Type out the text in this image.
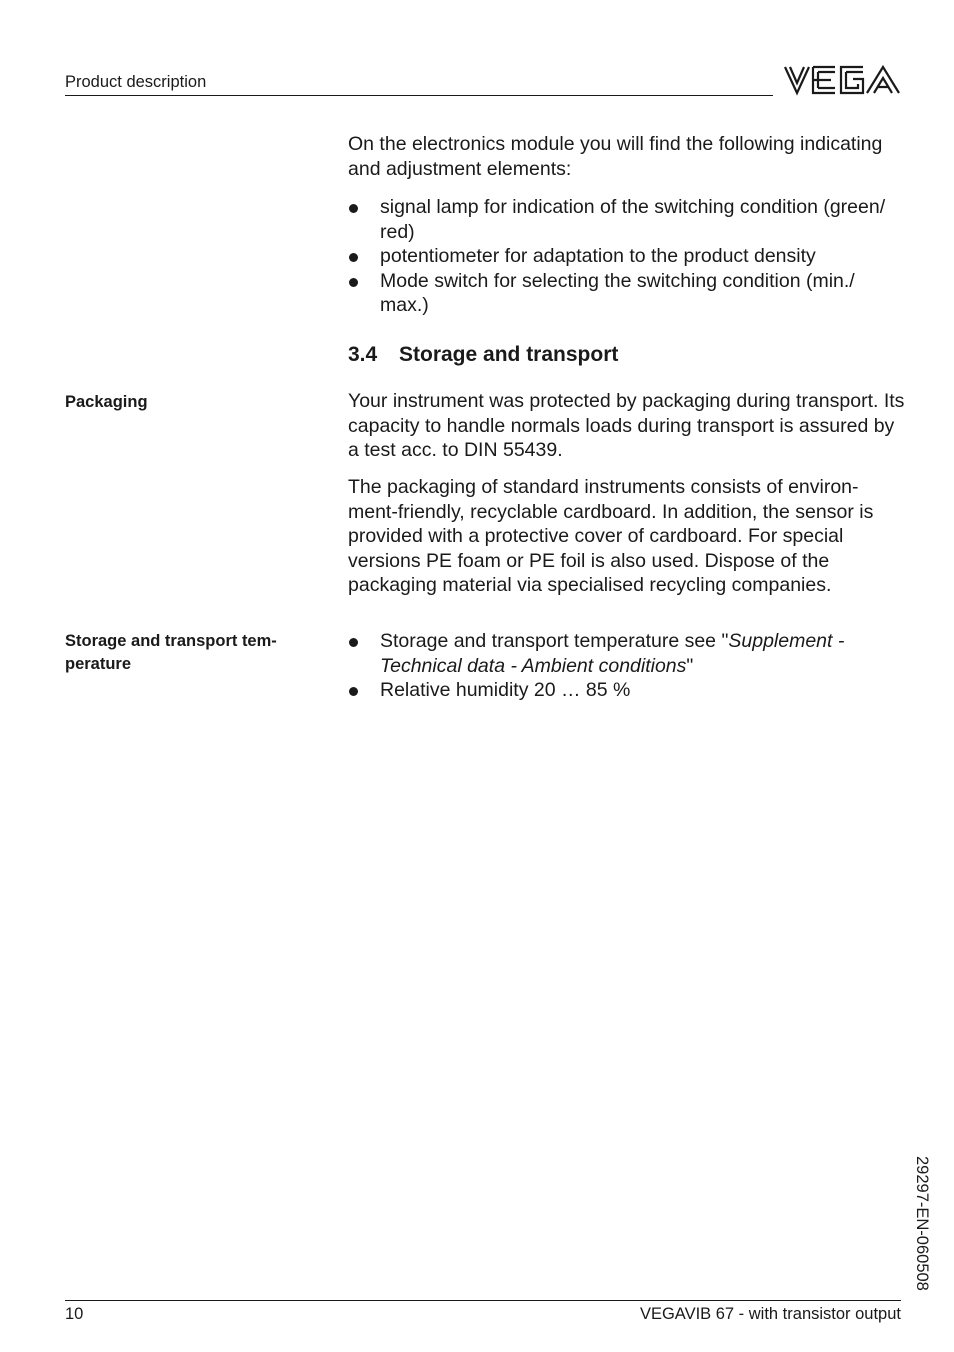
Product description

On the electronics module you will find the following indicating and adjustment elements:

signal lamp for indication of the switching condition (green/ red)
potentiometer for adaptation to the product density
Mode switch for selecting the switching condition (min./ max.)
3.4 Storage and transport
Packaging	Your instrument was protected by packaging during transport. Its capacity to handle normals loads during transport is assured by a test acc. to DIN 55439.

The packaging of standard instruments consists of environ-ment-friendly, recyclable cardboard. In addition, the sensor is provided with a protective cover of cardboard. For special versions PE foam or PE foil is also used. Dispose of the packaging material via specialised recycling companies.

Storage and transport tem-perature
Storage and transport temperature see "Supplement - Technical data - Ambient conditions"
Relative humidity 20 … 85 %
29297-EN-060508
10	VEGAVIB 67 - with transistor output
